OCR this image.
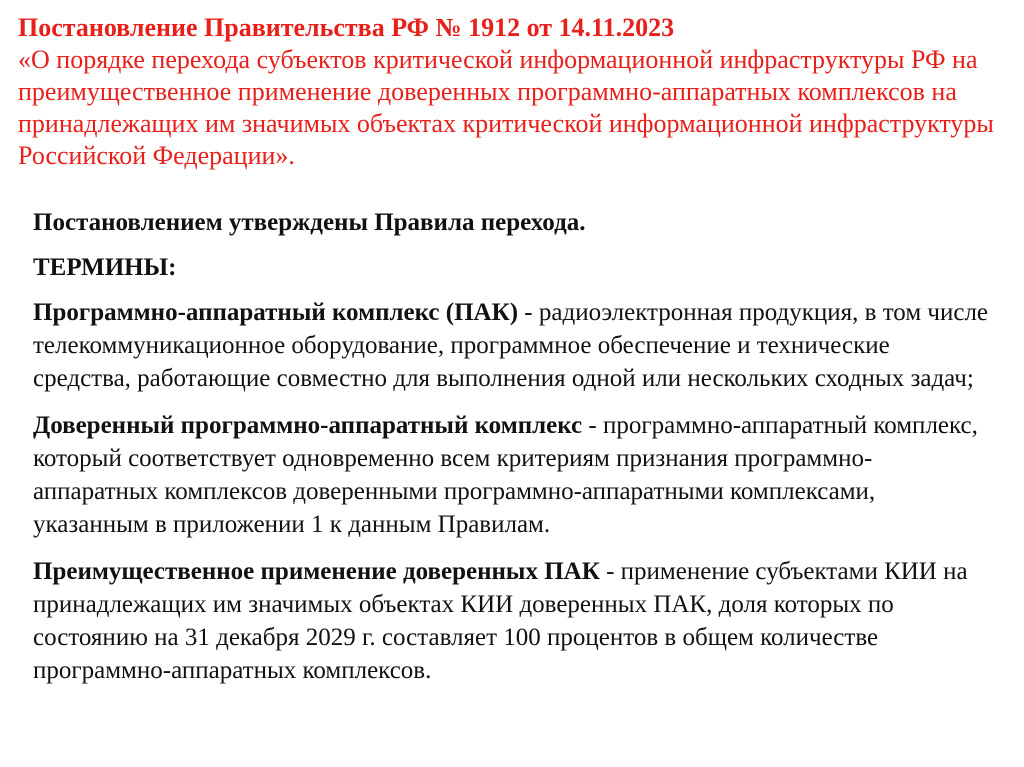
Постановление Правительства РФ № 1912 от 14.11.2023
«О порядке перехода субъектов критической информационной инфраструктуры РФ на преимущественное применение доверенных программно-аппаратных комплексов на принадлежащих им значимых объектах критической информационной инфраструктуры Российской Федерации».

Постановлением утверждены Правила перехода.

ТЕРМИНЫ:

Программно-аппаратный комплекс (ПАК) - радиоэлектронная продукция, в том числе телекоммуникационное оборудование, программное обеспечение и технические средства, работающие совместно для выполнения одной или нескольких сходных задач;

Доверенный программно-аппаратный комплекс - программно-аппаратный комплекс, который соответствует одновременно всем критериям признания программно-аппаратных комплексов доверенными программно-аппаратными комплексами, указанным в приложении 1 к данным Правилам.

Преимущественное применение доверенных ПАК - применение субъектами КИИ на принадлежащих им значимых объектах КИИ доверенных ПАК, доля которых по состоянию на 31 декабря 2029 г. составляет 100 процентов в общем количестве программно-аппаратных комплексов.
